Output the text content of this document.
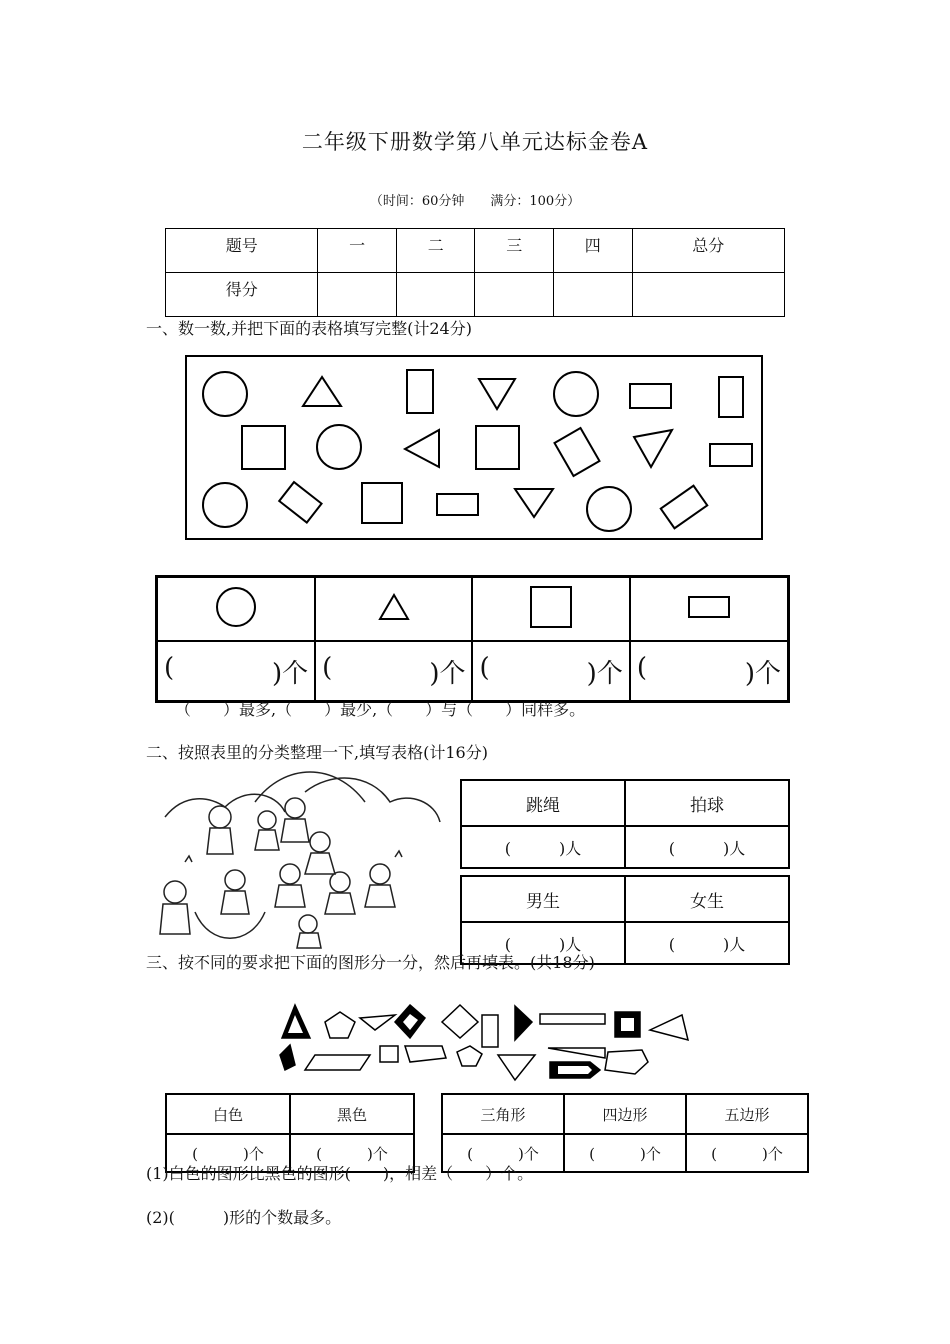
二年级下册数学第八单元达标金卷A
（时间：60分钟　　满分：100分）
题号	一	二	三	四	总分
得分					
一、数一数,并把下面的表格填写完整(计24分)

( )个	( )个	( )个	( )个
（　　）最多,（　　）最少,（　　）与（　　）同样多。
二、按照表里的分类整理一下,填写表格(计16分)
跳绳	拍球
(　　　)人	(　　　)人
男生	女生
(　　　)人	(　　　)人
三、按不同的要求把下面的图形分一分，然后再填表。(共18分)
白色	黑色
(　　　)个	(　　　)个
三角形	四边形	五边形
(　　　)个	(　　　)个	(　　　)个
(1)白色的图形比黑色的图形(　　)，相差（　　）个。
(2)(　　　)形的个数最多。
